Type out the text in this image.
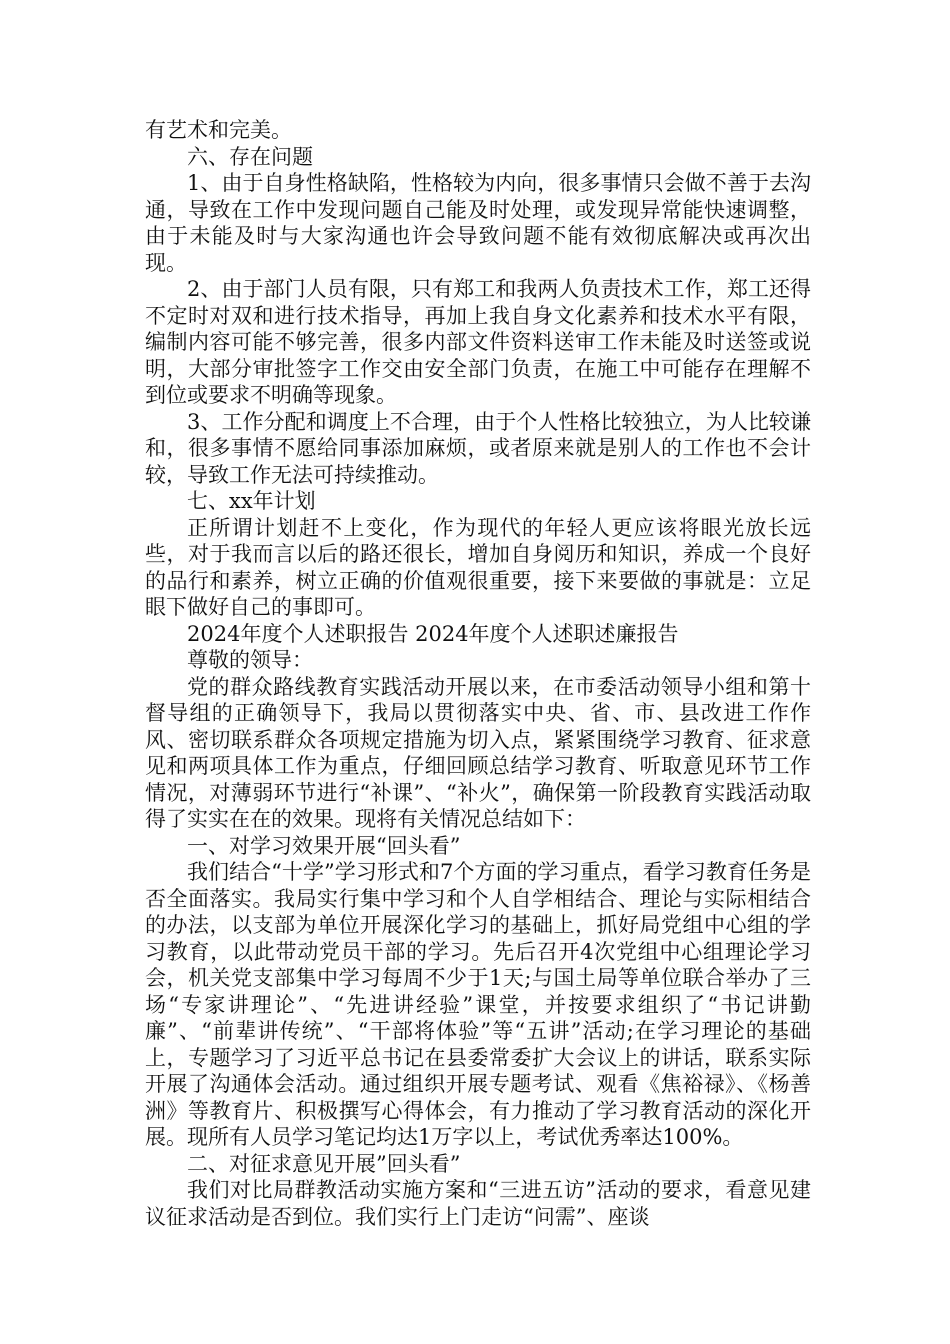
有艺术和完美。

六、存在问题

1、由于自身性格缺陷，性格较为内向，很多事情只会做不善于去沟通，导致在工作中发现问题自己能及时处理，或发现异常能快速调整，由于未能及时与大家沟通也许会导致问题不能有效彻底解决或再次出现。

2、由于部门人员有限，只有郑工和我两人负责技术工作，郑工还得不定时对双和进行技术指导，再加上我自身文化素养和技术水平有限，编制内容可能不够完善，很多内部文件资料送审工作未能及时送签或说明，大部分审批签字工作交由安全部门负责，在施工中可能存在理解不到位或要求不明确等现象。

3、工作分配和调度上不合理，由于个人性格比较独立，为人比较谦和，很多事情不愿给同事添加麻烦，或者原来就是别人的工作也不会计较，导致工作无法可持续推动。

七、xx年计划

正所谓计划赶不上变化，作为现代的年轻人更应该将眼光放长远些，对于我而言以后的路还很长，增加自身阅历和知识，养成一个良好的品行和素养，树立正确的价值观很重要，接下来要做的事就是：立足眼下做好自己的事即可。

2024年度个人述职报告 2024年度个人述职述廉报告

尊敬的领导：

党的群众路线教育实践活动开展以来，在市委活动领导小组和第十督导组的正确领导下，我局以贯彻落实中央、省、市、县改进工作作风、密切联系群众各项规定措施为切入点，紧紧围绕学习教育、征求意见和两项具体工作为重点，仔细回顾总结学习教育、听取意见环节工作情况，对薄弱环节进行“补课”、“补火”，确保第一阶段教育实践活动取得了实实在在的效果。现将有关情况总结如下：

一、对学习效果开展“回头看”

我们结合“十学”学习形式和7个方面的学习重点，看学习教育任务是否全面落实。我局实行集中学习和个人自学相结合、理论与实际相结合的办法，以支部为单位开展深化学习的基础上，抓好局党组中心组的学习教育，以此带动党员干部的学习。先后召开4次党组中心组理论学习会，机关党支部集中学习每周不少于1天;与国土局等单位联合举办了三场“专家讲理论”、“先进讲经验”课堂，并按要求组织了“书记讲勤廉”、“前辈讲传统”、“干部将体验”等“五讲”活动;在学习理论的基础上，专题学习了习近平总书记在县委常委扩大会议上的讲话，联系实际开展了沟通体会活动。通过组织开展专题考试、观看《焦裕禄》、《杨善洲》等教育片、积极撰写心得体会，有力推动了学习教育活动的深化开展。现所有人员学习笔记均达1万字以上，考试优秀率达100%。

二、对征求意见开展”回头看”

我们对比局群教活动实施方案和“三进五访”活动的要求，看意见建议征求活动是否到位。我们实行上门走访“问需”、座谈
